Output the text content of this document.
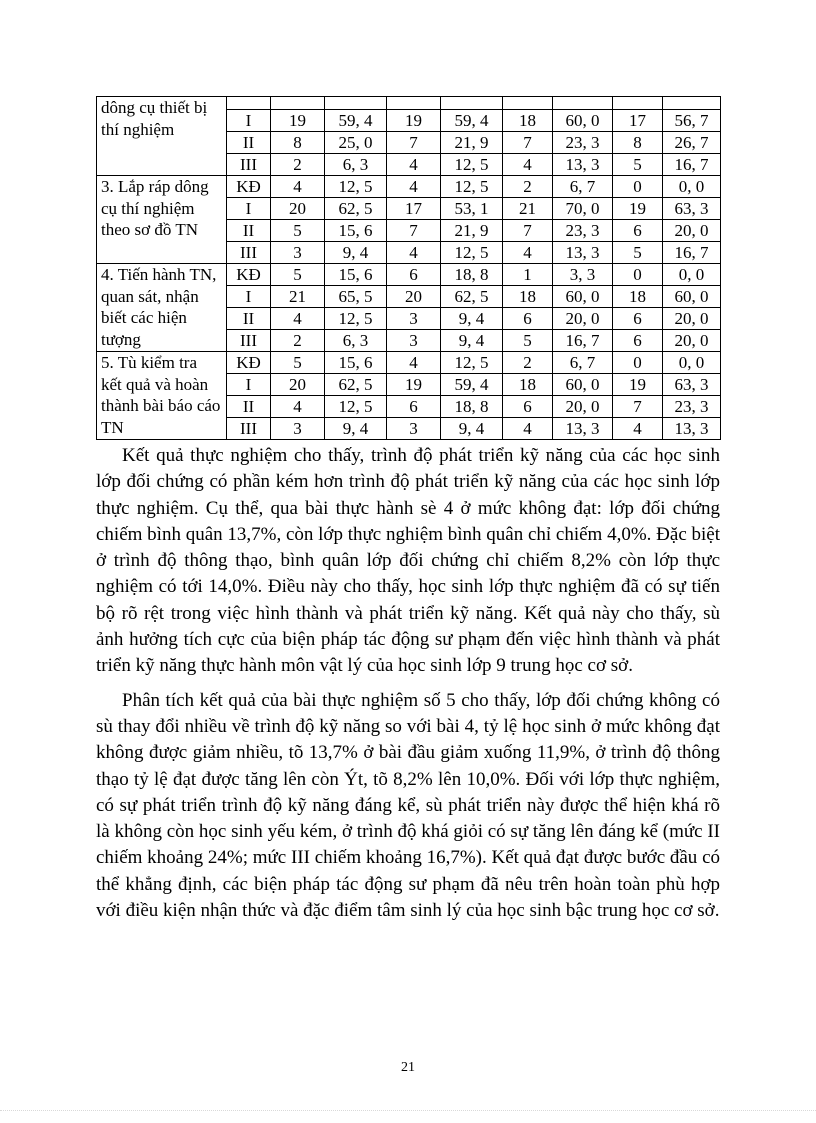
dông cụ thiết bị thí nghiệm									
	I	19	59, 4	19	59, 4	18	60, 0	17	56, 7
	II	8	25, 0	7	21, 9	7	23, 3	8	26, 7
	III	2	6, 3	4	12, 5	4	13, 3	5	16, 7
3. Lắp ráp dông cụ thí nghiệm theo sơ đồ TN	KĐ	4	12, 5	4	12, 5	2	6, 7	0	0, 0
	I	20	62, 5	17	53, 1	21	70, 0	19	63, 3
	II	5	15, 6	7	21, 9	7	23, 3	6	20, 0
	III	3	9, 4	4	12, 5	4	13, 3	5	16, 7
4. Tiến hành TN, quan sát, nhận biết các hiện tượng	KĐ	5	15, 6	6	18, 8	1	3, 3	0	0, 0
	I	21	65, 5	20	62, 5	18	60, 0	18	60, 0
	II	4	12, 5	3	9, 4	6	20, 0	6	20, 0
	III	2	6, 3	3	9, 4	5	16, 7	6	20, 0
5. Tù kiểm tra kết quả và hoàn thành bài báo cáo TN	KĐ	5	15, 6	4	12, 5	2	6, 7	0	0, 0
	I	20	62, 5	19	59, 4	18	60, 0	19	63, 3
	II	4	12, 5	6	18, 8	6	20, 0	7	23, 3
	III	3	9, 4	3	9, 4	4	13, 3	4	13, 3

Kết quả thực nghiệm cho thấy, trình độ phát triển kỹ năng của các học sinh lớp đối chứng có phần kém hơn trình độ phát triển kỹ năng của các học sinh lớp thực nghiệm. Cụ thể, qua bài thực hành sè 4 ở mức không đạt: lớp đối chứng chiếm bình quân 13,7%, còn lớp thực nghiệm bình quân chỉ chiếm 4,0%. Đặc biệt ở trình độ thông thạo, bình quân lớp đối chứng chỉ chiếm 8,2% còn lớp thực nghiệm có tới 14,0%. Điều này cho thấy, học sinh lớp thực nghiệm đã có sự tiến bộ rõ rệt trong việc hình thành và phát triển kỹ năng. Kết quả này cho thấy, sù ảnh hưởng tích cực của biện pháp tác động sư phạm đến việc hình thành và phát triển kỹ năng thực hành môn vật lý của học sinh lớp 9 trung học cơ sở.

Phân tích kết quả của bài thực nghiệm số 5 cho thấy, lớp đối chứng không có sù thay đổi nhiều về trình độ kỹ năng so với bài 4, tỷ lệ học sinh ở mức không đạt không được giảm nhiều, tõ 13,7% ở bài đầu giảm xuống 11,9%, ở trình độ thông thạo tỷ lệ đạt được tăng lên còn Ýt, tõ 8,2% lên 10,0%. Đối với lớp thực nghiệm, có sự phát triển trình độ kỹ năng đáng kể, sù phát triển này được thể hiện khá rõ là không còn học sinh yếu kém, ở trình độ khá giỏi có sự tăng lên đáng kể (mức II chiếm khoảng 24%; mức III chiếm khoảng 16,7%). Kết quả đạt được bước đầu có thể khẳng định, các biện pháp tác động sư phạm đã nêu trên hoàn toàn phù hợp với điều kiện nhận thức và đặc điểm tâm sinh lý của học sinh bậc trung học cơ sở.

21
